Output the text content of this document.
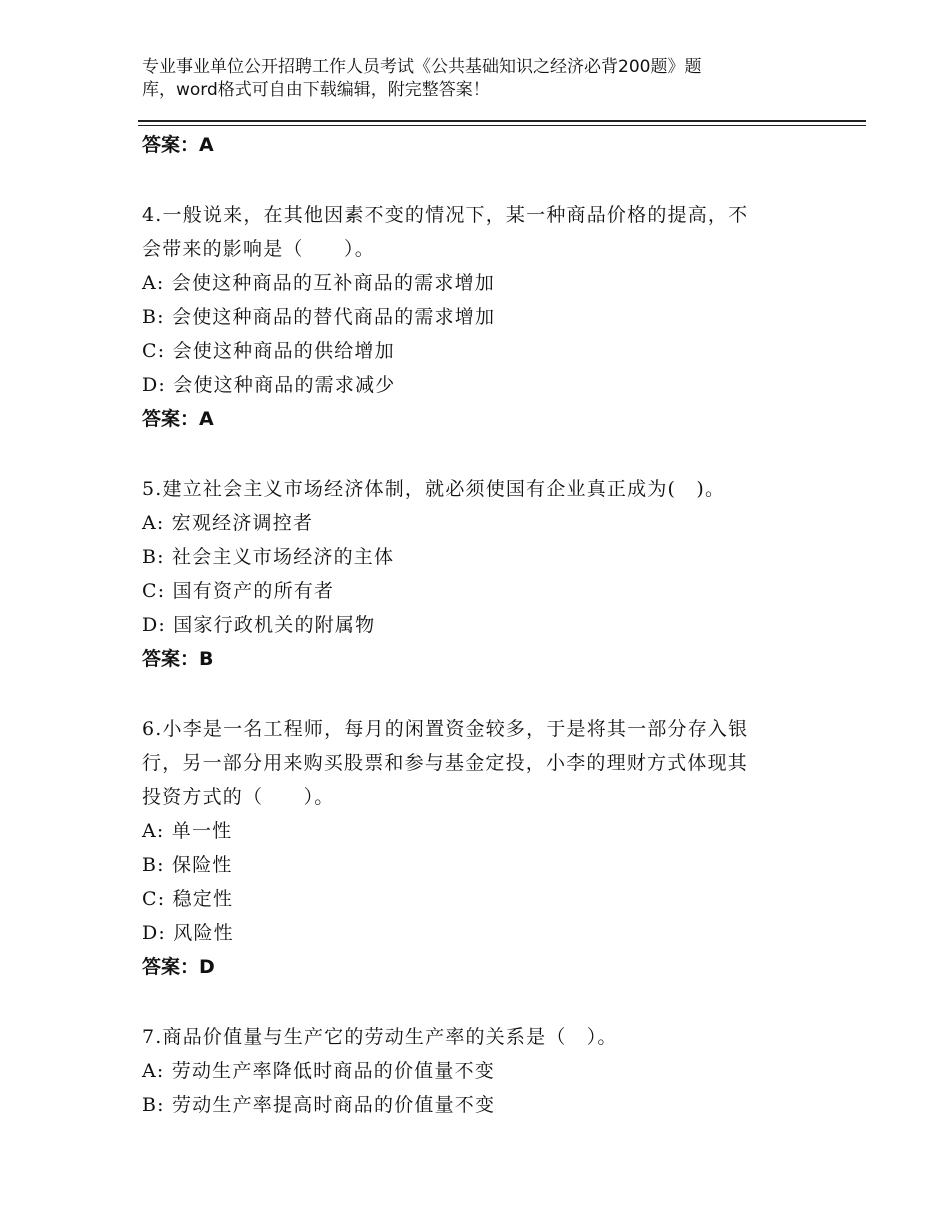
专业事业单位公开招聘工作人员考试《公共基础知识之经济必背200题》题
库，word格式可自由下载编辑，附完整答案！
答案：A
4.一般说来，在其他因素不变的情况下，某一种商品价格的提高，不
会带来的影响是（　　）。
A: 会使这种商品的互补商品的需求增加
B: 会使这种商品的替代商品的需求增加
C: 会使这种商品的供给增加
D: 会使这种商品的需求减少
答案：A
5.建立社会主义市场经济体制，就必须使国有企业真正成为(　)。
A: 宏观经济调控者
B: 社会主义市场经济的主体
C: 国有资产的所有者
D: 国家行政机关的附属物
答案：B
6.小李是一名工程师，每月的闲置资金较多，于是将其一部分存入银
行，另一部分用来购买股票和参与基金定投，小李的理财方式体现其
投资方式的（　　）。
A: 单一性
B: 保险性
C: 稳定性
D: 风险性
答案：D
7.商品价值量与生产它的劳动生产率的关系是（　）。
A: 劳动生产率降低时商品的价值量不变
B: 劳动生产率提高时商品的价值量不变
